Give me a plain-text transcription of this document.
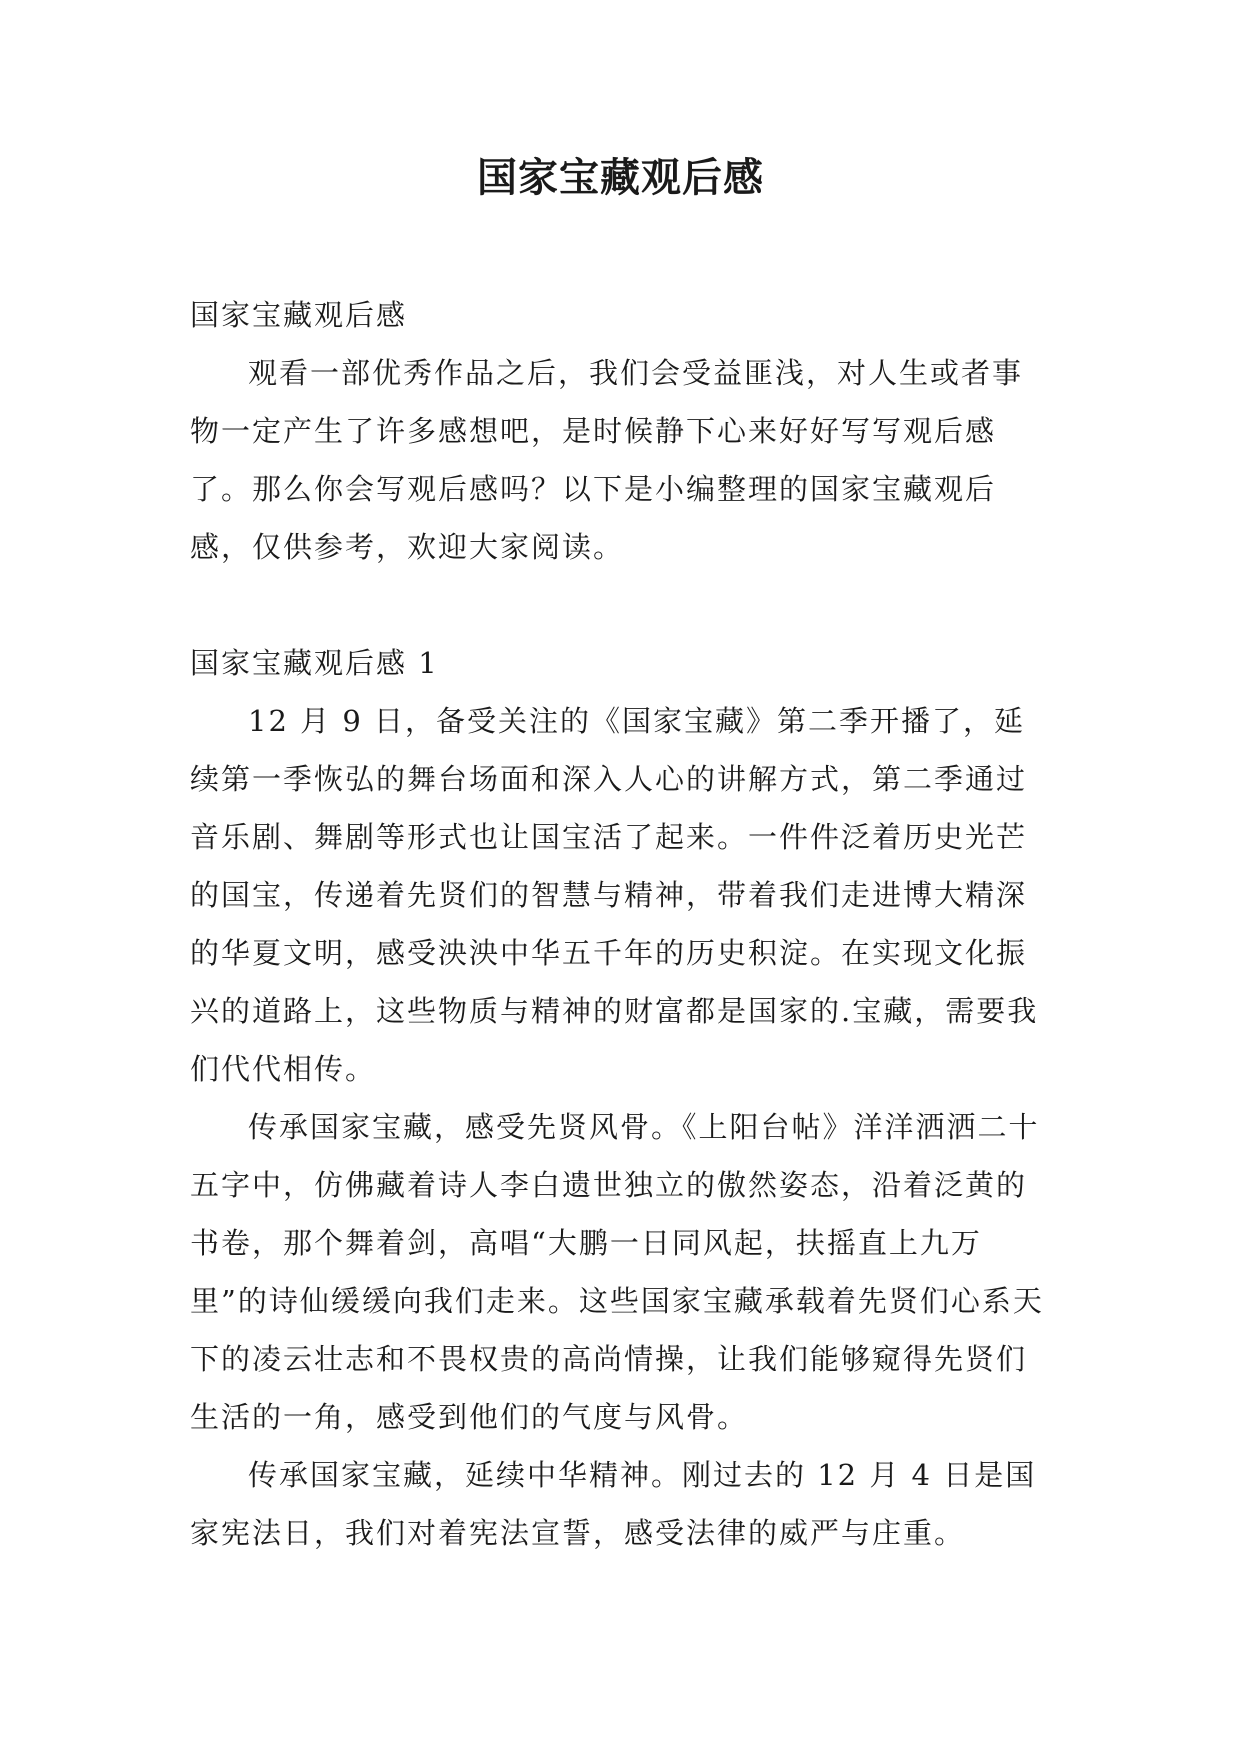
国家宝藏观后感

国家宝藏观后感

观看一部优秀作品之后，我们会受益匪浅，对人生或者事物一定产生了许多感想吧，是时候静下心来好好写写观后感了。那么你会写观后感吗？以下是小编整理的国家宝藏观后感，仅供参考，欢迎大家阅读。

国家宝藏观后感 1

12 月 9 日，备受关注的《国家宝藏》第二季开播了，延续第一季恢弘的舞台场面和深入人心的讲解方式，第二季通过音乐剧、舞剧等形式也让国宝活了起来。一件件泛着历史光芒的国宝，传递着先贤们的智慧与精神，带着我们走进博大精深的华夏文明，感受泱泱中华五千年的历史积淀。在实现文化振兴的道路上，这些物质与精神的财富都是国家的.宝藏，需要我们代代相传。

传承国家宝藏，感受先贤风骨。《上阳台帖》洋洋洒洒二十五字中，仿佛藏着诗人李白遗世独立的傲然姿态，沿着泛黄的书卷，那个舞着剑，高唱“大鹏一日同风起，扶摇直上九万里”的诗仙缓缓向我们走来。这些国家宝藏承载着先贤们心系天下的凌云壮志和不畏权贵的高尚情操，让我们能够窥得先贤们生活的一角，感受到他们的气度与风骨。

传承国家宝藏，延续中华精神。刚过去的 12 月 4 日是国家宪法日，我们对着宪法宣誓，感受法律的威严与庄重。
